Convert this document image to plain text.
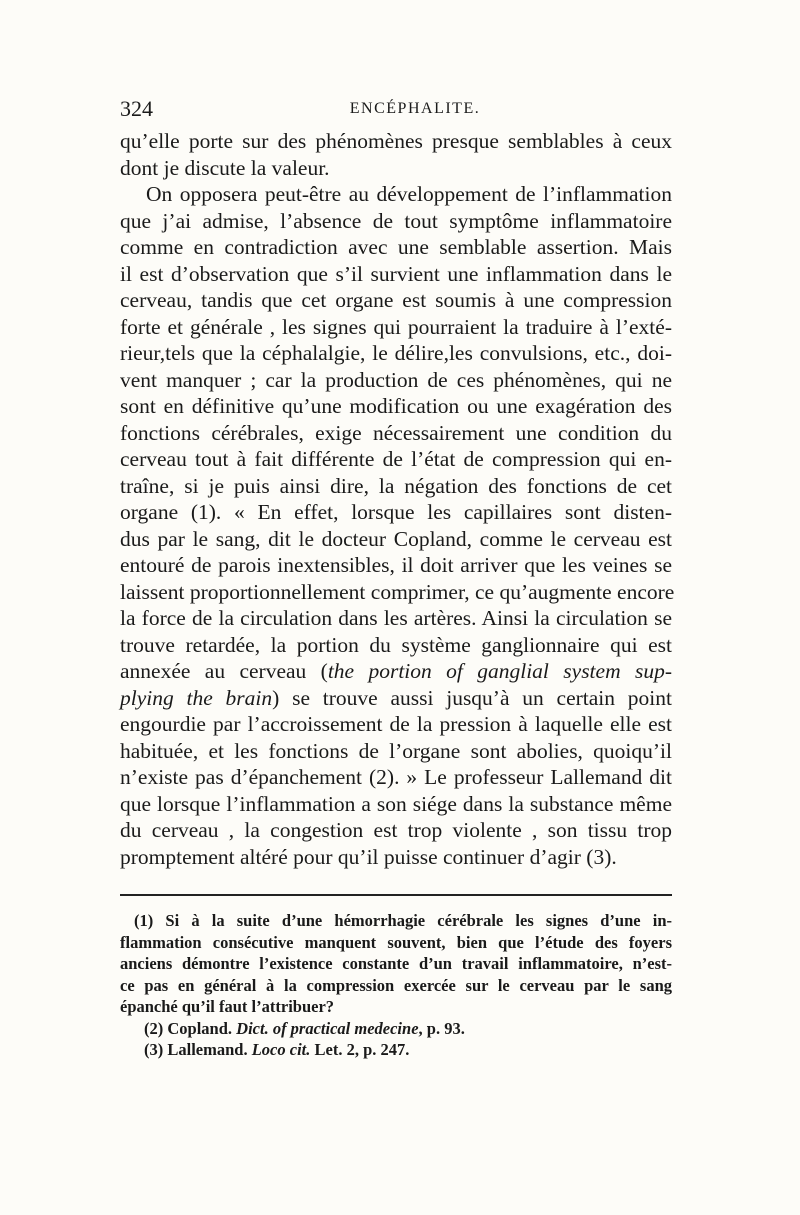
324	ENCÉPHALITE.
qu’elle porte sur des phénomènes presque semblables à ceux
dont je discute la valeur.
On opposera peut-être au développement de l’inflammation
que j’ai admise, l’absence de tout symptôme inflammatoire
comme en contradiction avec une semblable assertion. Mais
il est d’observation que s’il survient une inflammation dans le
cerveau, tandis que cet organe est soumis à une compression
forte et générale , les signes qui pourraient la traduire à l’exté-
rieur,tels que la céphalalgie, le délire,les convulsions, etc., doi-
vent manquer ; car la production de ces phénomènes, qui ne
sont en définitive qu’une modification ou une exagération des
fonctions cérébrales, exige nécessairement une condition du
cerveau tout à fait différente de l’état de compression qui en-
traîne, si je puis ainsi dire, la négation des fonctions de cet
organe (1). « En effet, lorsque les capillaires sont disten-
dus par le sang, dit le docteur Copland, comme le cerveau est
entouré de parois inextensibles, il doit arriver que les veines se
laissent proportionnellement comprimer, ce qu’augmente encore
la force de la circulation dans les artères. Ainsi la circulation se
trouve retardée, la portion du système ganglionnaire qui est
annexée au cerveau (the portion of ganglial system sup-
plying the brain) se trouve aussi jusqu’à un certain point
engourdie par l’accroissement de la pression à laquelle elle est
habituée, et les fonctions de l’organe sont abolies, quoiqu’il
n’existe pas d’épanchement (2). » Le professeur Lallemand dit
que lorsque l’inflammation a son siége dans la substance même
du cerveau , la congestion est trop violente , son tissu trop
promptement altéré pour qu’il puisse continuer d’agir (3).
(1) Si à la suite d’une hémorrhagie cérébrale les signes d’une in-
flammation consécutive manquent souvent, bien que l’étude des foyers
anciens démontre l’existence constante d’un travail inflammatoire, n’est-
ce pas en général à la compression exercée sur le cerveau par le sang
épanché qu’il faut l’attribuer?
(2) Copland. Dict. of practical medecine, p. 93.
(3) Lallemand. Loco cit. Let. 2, p. 247.
